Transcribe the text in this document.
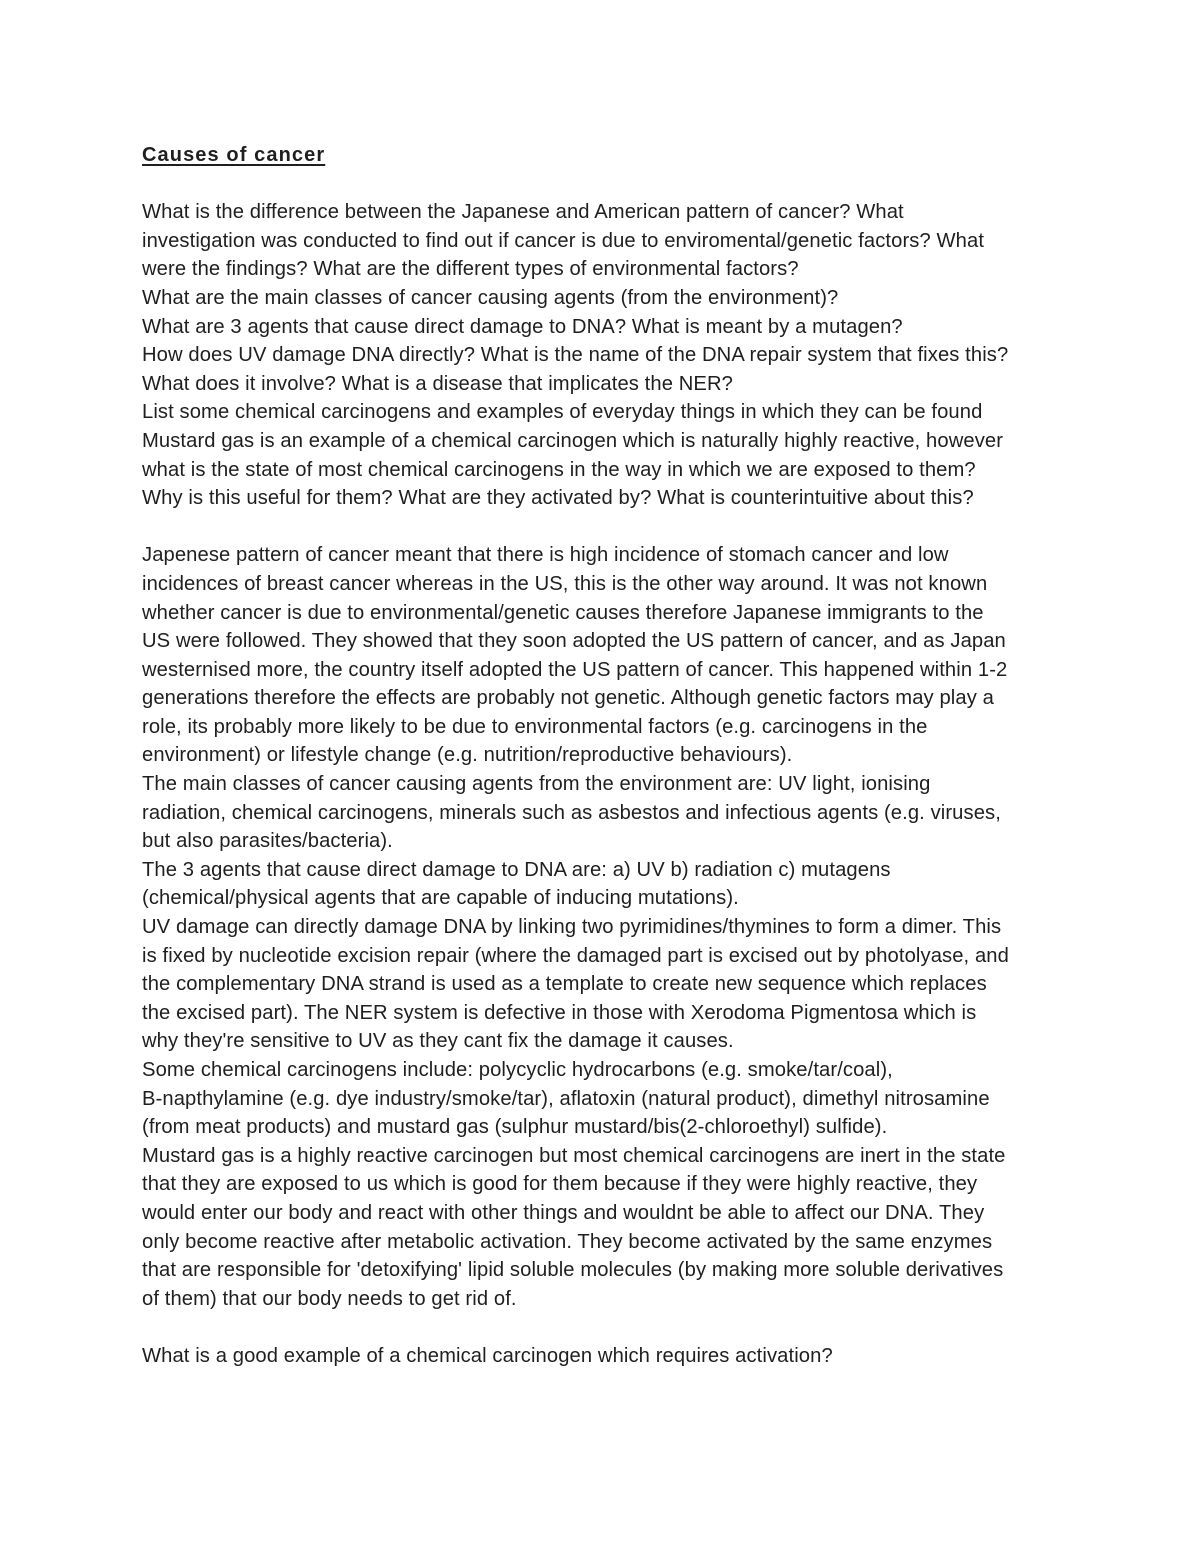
Causes of cancer
What is the difference between the Japanese and American pattern of cancer? What
investigation was conducted to find out if cancer is due to enviromental/genetic factors? What
were the findings? What are the different types of environmental factors?
What are the main classes of cancer causing agents (from the environment)?
What are 3 agents that cause direct damage to DNA? What is meant by a mutagen?
How does UV damage DNA directly? What is the name of the DNA repair system that fixes this?
What does it involve? What is a disease that implicates the NER?
List some chemical carcinogens and examples of everyday things in which they can be found
Mustard gas is an example of a chemical carcinogen which is naturally highly reactive, however
what is the state of most chemical carcinogens in the way in which we are exposed to them?
Why is this useful for them? What are they activated by? What is counterintuitive about this?
Japenese pattern of cancer meant that there is high incidence of stomach cancer and low
incidences of breast cancer whereas in the US, this is the other way around. It was not known
whether cancer is due to environmental/genetic causes therefore Japanese immigrants to the
US were followed. They showed that they soon adopted the US pattern of cancer, and as Japan
westernised more, the country itself adopted the US pattern of cancer. This happened within 1-2
generations therefore the effects are probably not genetic. Although genetic factors may play a
role, its probably more likely to be due to environmental factors (e.g. carcinogens in the
environment) or lifestyle change (e.g. nutrition/reproductive behaviours).
The main classes of cancer causing agents from the environment are: UV light, ionising
radiation, chemical carcinogens, minerals such as asbestos and infectious agents (e.g. viruses,
but also parasites/bacteria).
The 3 agents that cause direct damage to DNA are: a) UV b) radiation c) mutagens
(chemical/physical agents that are capable of inducing mutations).
UV damage can directly damage DNA by linking two pyrimidines/thymines to form a dimer. This
is fixed by nucleotide excision repair (where the damaged part is excised out by photolyase, and
the complementary DNA strand is used as a template to create new sequence which replaces
the excised part). The NER system is defective in those with Xerodoma Pigmentosa which is
why they're sensitive to UV as they cant fix the damage it causes.
Some chemical carcinogens include: polycyclic hydrocarbons (e.g. smoke/tar/coal),
B-napthylamine (e.g. dye industry/smoke/tar), aflatoxin (natural product), dimethyl nitrosamine
(from meat products) and mustard gas (sulphur mustard/bis(2-chloroethyl) sulfide).
Mustard gas is a highly reactive carcinogen but most chemical carcinogens are inert in the state
that they are exposed to us which is good for them because if they were highly reactive, they
would enter our body and react with other things and wouldnt be able to affect our DNA. They
only become reactive after metabolic activation. They become activated by the same enzymes
that are responsible for 'detoxifying' lipid soluble molecules (by making more soluble derivatives
of them) that our body needs to get rid of.
What is a good example of a chemical carcinogen which requires activation?
